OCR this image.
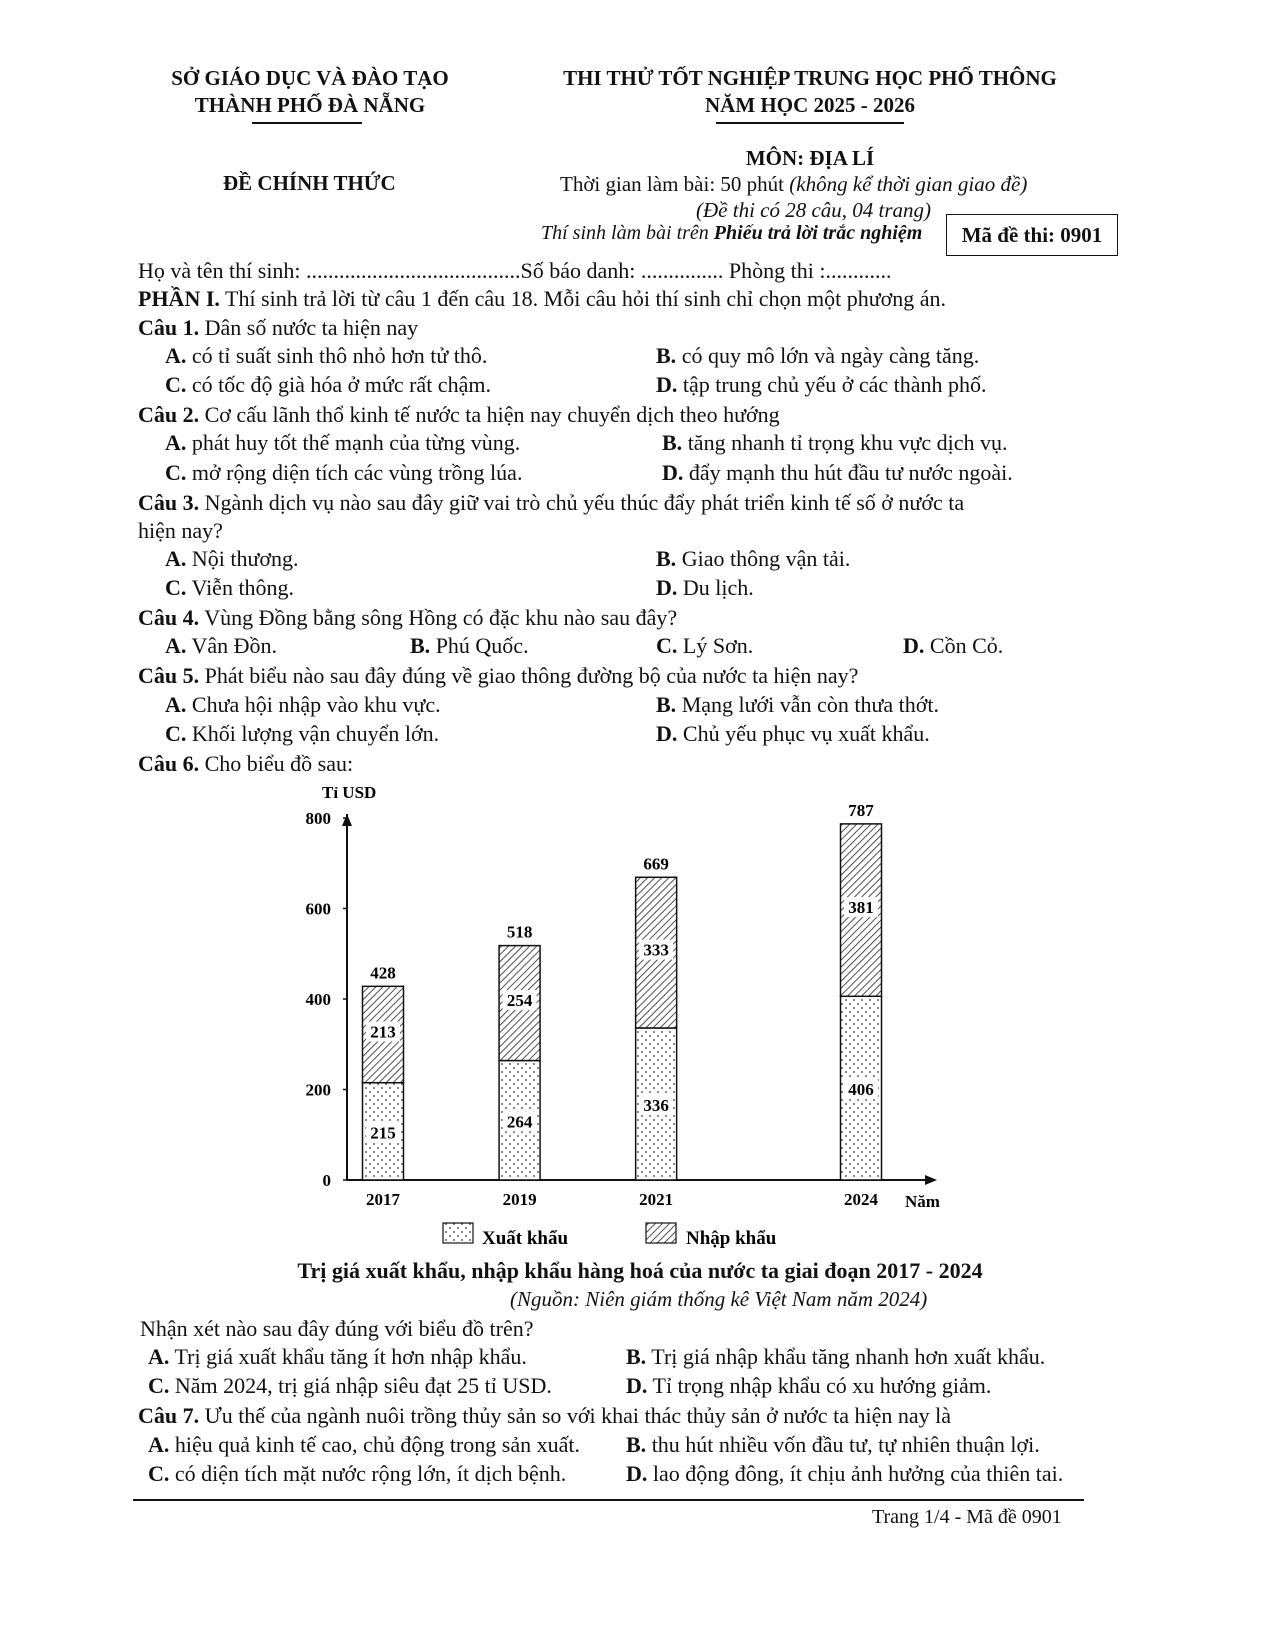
SỞ GIÁO DỤC VÀ ĐÀO TẠO
THÀNH PHỐ ĐÀ NẴNG
THI THỬ TỐT NGHIỆP TRUNG HỌC PHỔ THÔNG
NĂM HỌC 2025 - 2026
MÔN: ĐỊA LÍ
ĐỀ CHÍNH THỨC	Thời gian làm bài: 50 phút (không kể thời gian giao đề)
(Đề thi có 28 câu, 04 trang)
Thí sinh làm bài trên Phiếu trả lời trắc nghiệm Mã đề thi: 0901
Họ và tên thí sinh: .......................................Số báo danh: ............... Phòng thi :............
PHẦN I. Thí sinh trả lời từ câu 1 đến câu 18. Mỗi câu hỏi thí sinh chỉ chọn một phương án.
Câu 1. Dân số nước ta hiện nay
A. có tỉ suất sinh thô nhỏ hơn tử thô.	B. có quy mô lớn và ngày càng tăng.
C. có tốc độ già hóa ở mức rất chậm.	D. tập trung chủ yếu ở các thành phố.
Câu 2. Cơ cấu lãnh thổ kinh tế nước ta hiện nay chuyển dịch theo hướng
A. phát huy tốt thế mạnh của từng vùng.	B. tăng nhanh tỉ trọng khu vực dịch vụ.
C. mở rộng diện tích các vùng trồng lúa.	D. đẩy mạnh thu hút đầu tư nước ngoài.
Câu 3. Ngành dịch vụ nào sau đây giữ vai trò chủ yếu thúc đẩy phát triển kinh tế số ở nước ta
hiện nay?
A. Nội thương.	B. Giao thông vận tải.
C. Viễn thông.	D. Du lịch.
Câu 4. Vùng Đồng bằng sông Hồng có đặc khu nào sau đây?
A. Vân Đồn.	B. Phú Quốc.	C. Lý Sơn.	D. Cồn Cỏ.
Câu 5. Phát biểu nào sau đây đúng về giao thông đường bộ của nước ta hiện nay?
A. Chưa hội nhập vào khu vực.	B. Mạng lưới vẫn còn thưa thớt.
C. Khối lượng vận chuyển lớn.	D. Chủ yếu phục vụ xuất khẩu.
Câu 6. Cho biểu đồ sau:
0
200
400
600
800
Tỉ USD
Năm
215
213
428
2017
264
254
518
2019
336
333
669
2021
406
381
787
2024
Xuất khẩu	Nhập khẩu
Trị giá xuất khẩu, nhập khẩu hàng hoá của nước ta giai đoạn 2017 - 2024
(Nguồn: Niên giám thống kê Việt Nam năm 2024)
Nhận xét nào sau đây đúng với biểu đồ trên?
A. Trị giá xuất khẩu tăng ít hơn nhập khẩu.	B. Trị giá nhập khẩu tăng nhanh hơn xuất khẩu.
C. Năm 2024, trị giá nhập siêu đạt 25 tỉ USD.	D. Tỉ trọng nhập khẩu có xu hướng giảm.
Câu 7. Ưu thế của ngành nuôi trồng thủy sản so với khai thác thủy sản ở nước ta hiện nay là
A. hiệu quả kinh tế cao, chủ động trong sản xuất. B. thu hút nhiều vốn đầu tư, tự nhiên thuận lợi.
C. có diện tích mặt nước rộng lớn, ít dịch bệnh.	D. lao động đông, ít chịu ảnh hưởng của thiên tai.
Trang 1/4 - Mã đề 0901
